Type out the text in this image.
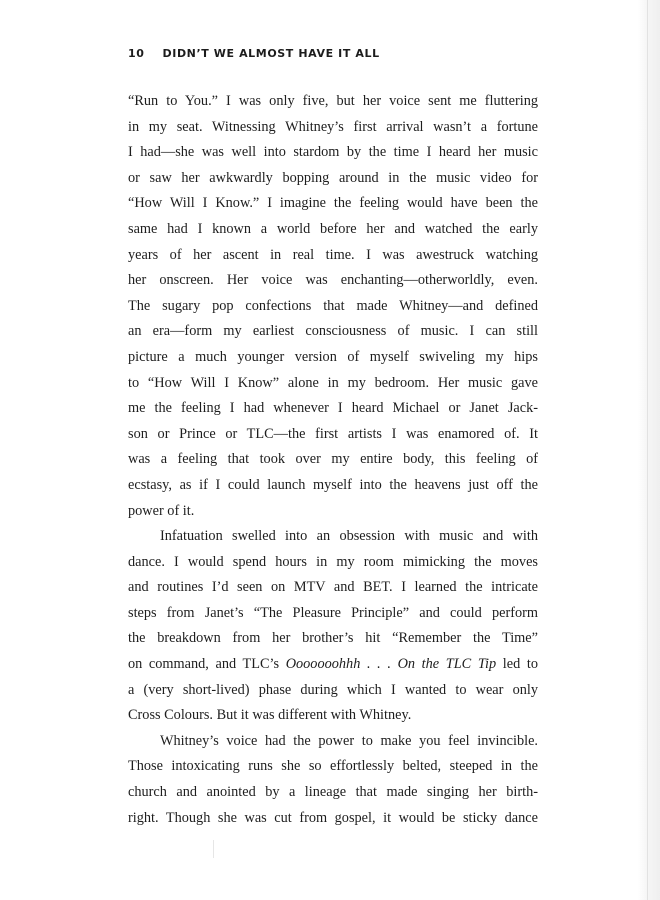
10 DIDN’T WE ALMOST HAVE IT ALL

“Run to You.” I was only five, but her voice sent me fluttering
in my seat. Witnessing Whitney’s first arrival wasn’t a fortune
I had—she was well into stardom by the time I heard her music
or saw her awkwardly bopping around in the music video for
“How Will I Know.” I imagine the feeling would have been the
same had I known a world before her and watched the early
years of her ascent in real time. I was awestruck watching
her onscreen. Her voice was enchanting—otherworldly, even.
The sugary pop confections that made Whitney—and defined
an era—form my earliest consciousness of music. I can still
picture a much younger version of myself swiveling my hips
to “How Will I Know” alone in my bedroom. Her music gave
me the feeling I had whenever I heard Michael or Janet Jack-
son or Prince or TLC—the first artists I was enamored of. It
was a feeling that took over my entire body, this feeling of
ecstasy, as if I could launch myself into the heavens just off the
power of it.

Infatuation swelled into an obsession with music and with
dance. I would spend hours in my room mimicking the moves
and routines I’d seen on MTV and BET. I learned the intricate
steps from Janet’s “The Pleasure Principle” and could perform
the breakdown from her brother’s hit “Remember the Time”
on command, and TLC’s Ooooooohhh . . . On the TLC Tip led to
a (very short-lived) phase during which I wanted to wear only
Cross Colours. But it was different with Whitney.

Whitney’s voice had the power to make you feel invincible.
Those intoxicating runs she so effortlessly belted, steeped in the
church and anointed by a lineage that made singing her birth-
right. Though she was cut from gospel, it would be sticky dance
